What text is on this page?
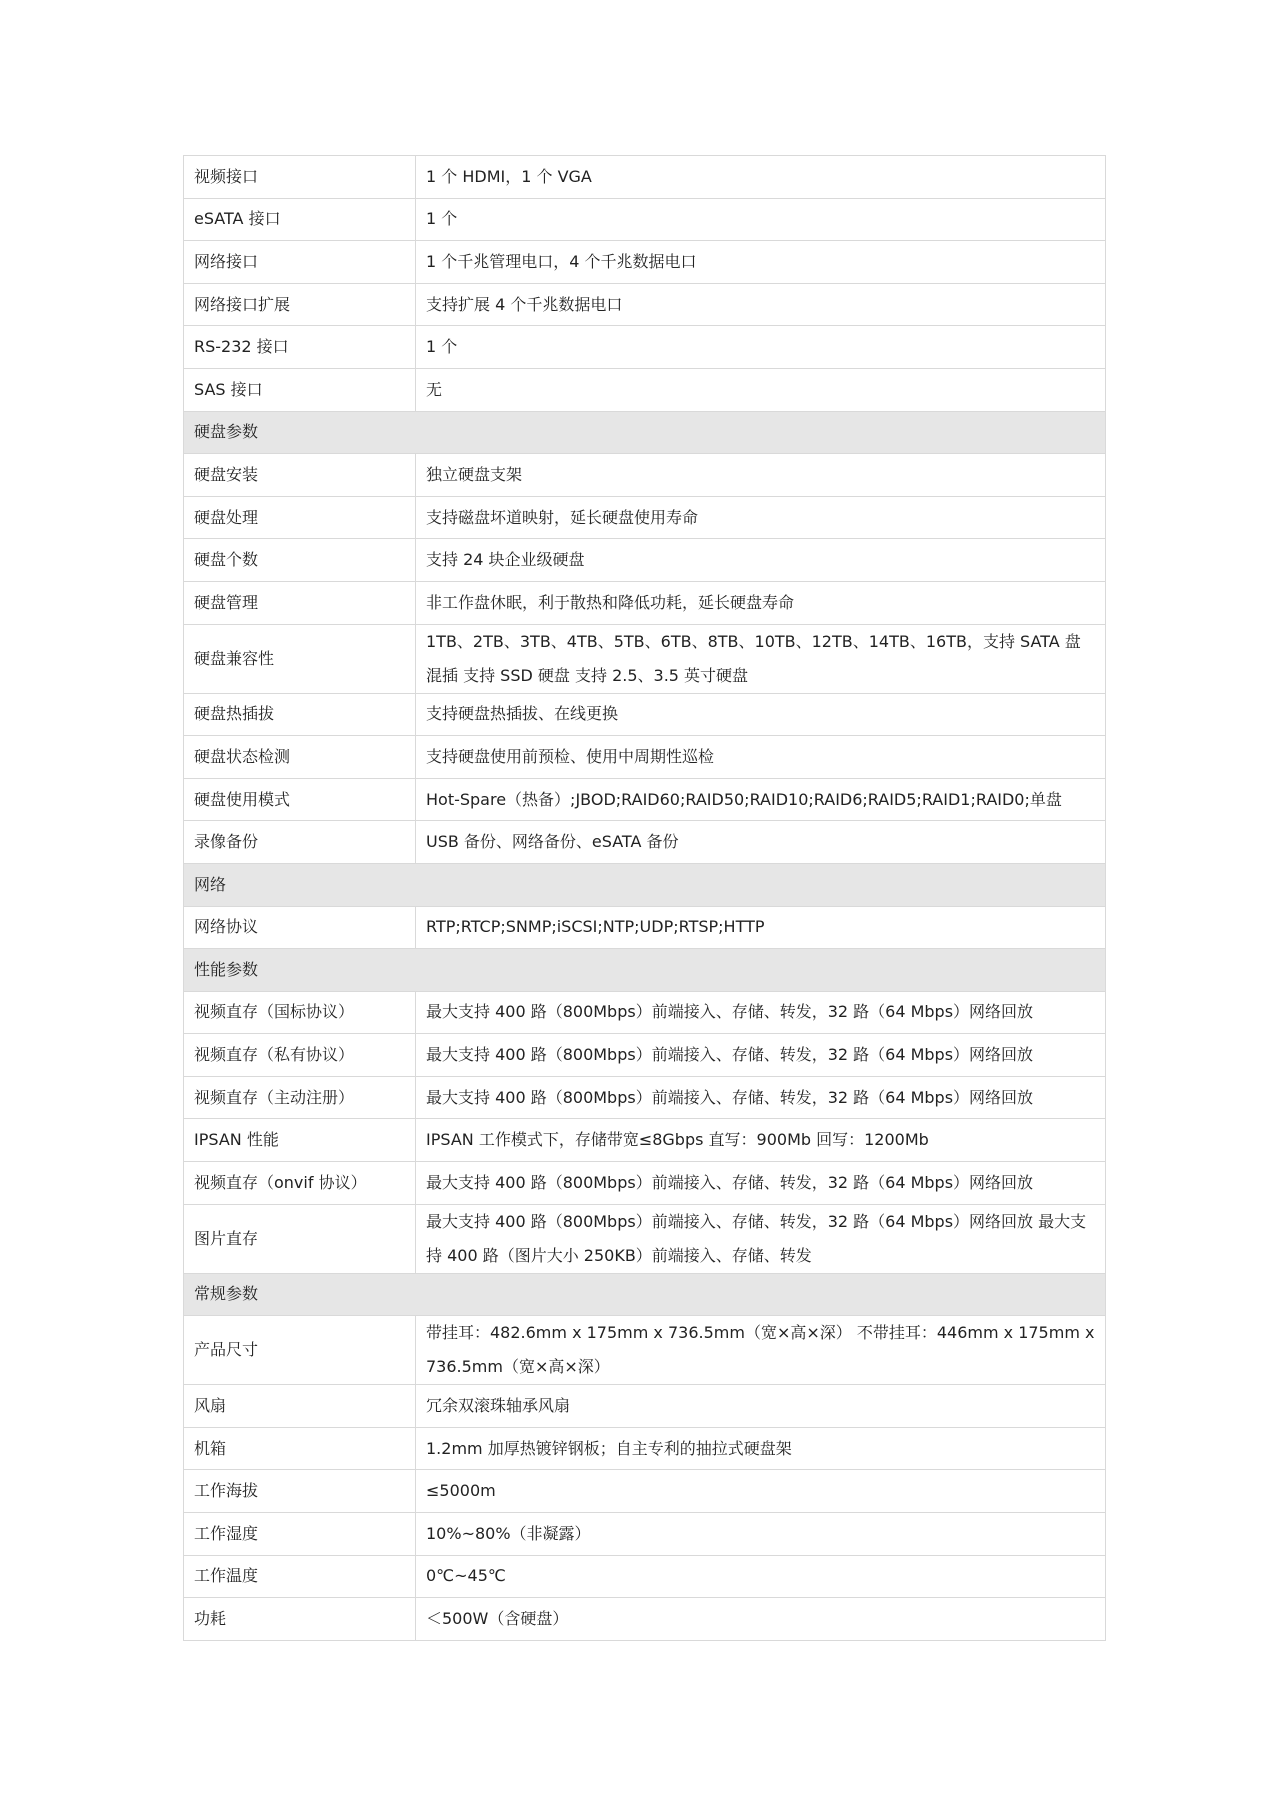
视频接口	1 个 HDMI，1 个 VGA
eSATA 接口	1 个
网络接口	1 个千兆管理电口，4 个千兆数据电口
网络接口扩展	支持扩展 4 个千兆数据电口
RS-232 接口	1 个
SAS 接口	无
硬盘参数	
硬盘安装	独立硬盘支架
硬盘处理	支持磁盘坏道映射，延长硬盘使用寿命
硬盘个数	支持 24 块企业级硬盘
硬盘管理	非工作盘休眠，利于散热和降低功耗，延长硬盘寿命
硬盘兼容性	1TB、2TB、3TB、4TB、5TB、6TB、8TB、10TB、12TB、14TB、16TB，支持 SATA 盘混插 支持 SSD 硬盘 支持 2.5、3.5 英寸硬盘
硬盘热插拔	支持硬盘热插拔、在线更换
硬盘状态检测	支持硬盘使用前预检、使用中周期性巡检
硬盘使用模式	Hot-Spare（热备）;JBOD;RAID60;RAID50;RAID10;RAID6;RAID5;RAID1;RAID0;单盘
录像备份	USB 备份、网络备份、eSATA 备份
网络	
网络协议	RTP;RTCP;SNMP;iSCSI;NTP;UDP;RTSP;HTTP
性能参数	
视频直存（国标协议）	最大支持 400 路（800Mbps）前端接入、存储、转发，32 路（64 Mbps）网络回放
视频直存（私有协议）	最大支持 400 路（800Mbps）前端接入、存储、转发，32 路（64 Mbps）网络回放
视频直存（主动注册）	最大支持 400 路（800Mbps）前端接入、存储、转发，32 路（64 Mbps）网络回放
IPSAN 性能	IPSAN 工作模式下，存储带宽≤8Gbps 直写：900Mb 回写：1200Mb
视频直存（onvif 协议）	最大支持 400 路（800Mbps）前端接入、存储、转发，32 路（64 Mbps）网络回放
图片直存	最大支持 400 路（800Mbps）前端接入、存储、转发，32 路（64 Mbps）网络回放 最大支持 400 路（图片大小 250KB）前端接入、存储、转发
常规参数	
产品尺寸	带挂耳：482.6mm x 175mm x 736.5mm（宽×高×深） 不带挂耳：446mm x 175mm x 736.5mm（宽×高×深）
风扇	冗余双滚珠轴承风扇
机箱	1.2mm 加厚热镀锌钢板；自主专利的抽拉式硬盘架
工作海拔	≤5000m
工作湿度	10%~80%（非凝露）
工作温度	0℃~45℃
功耗	＜500W（含硬盘）
